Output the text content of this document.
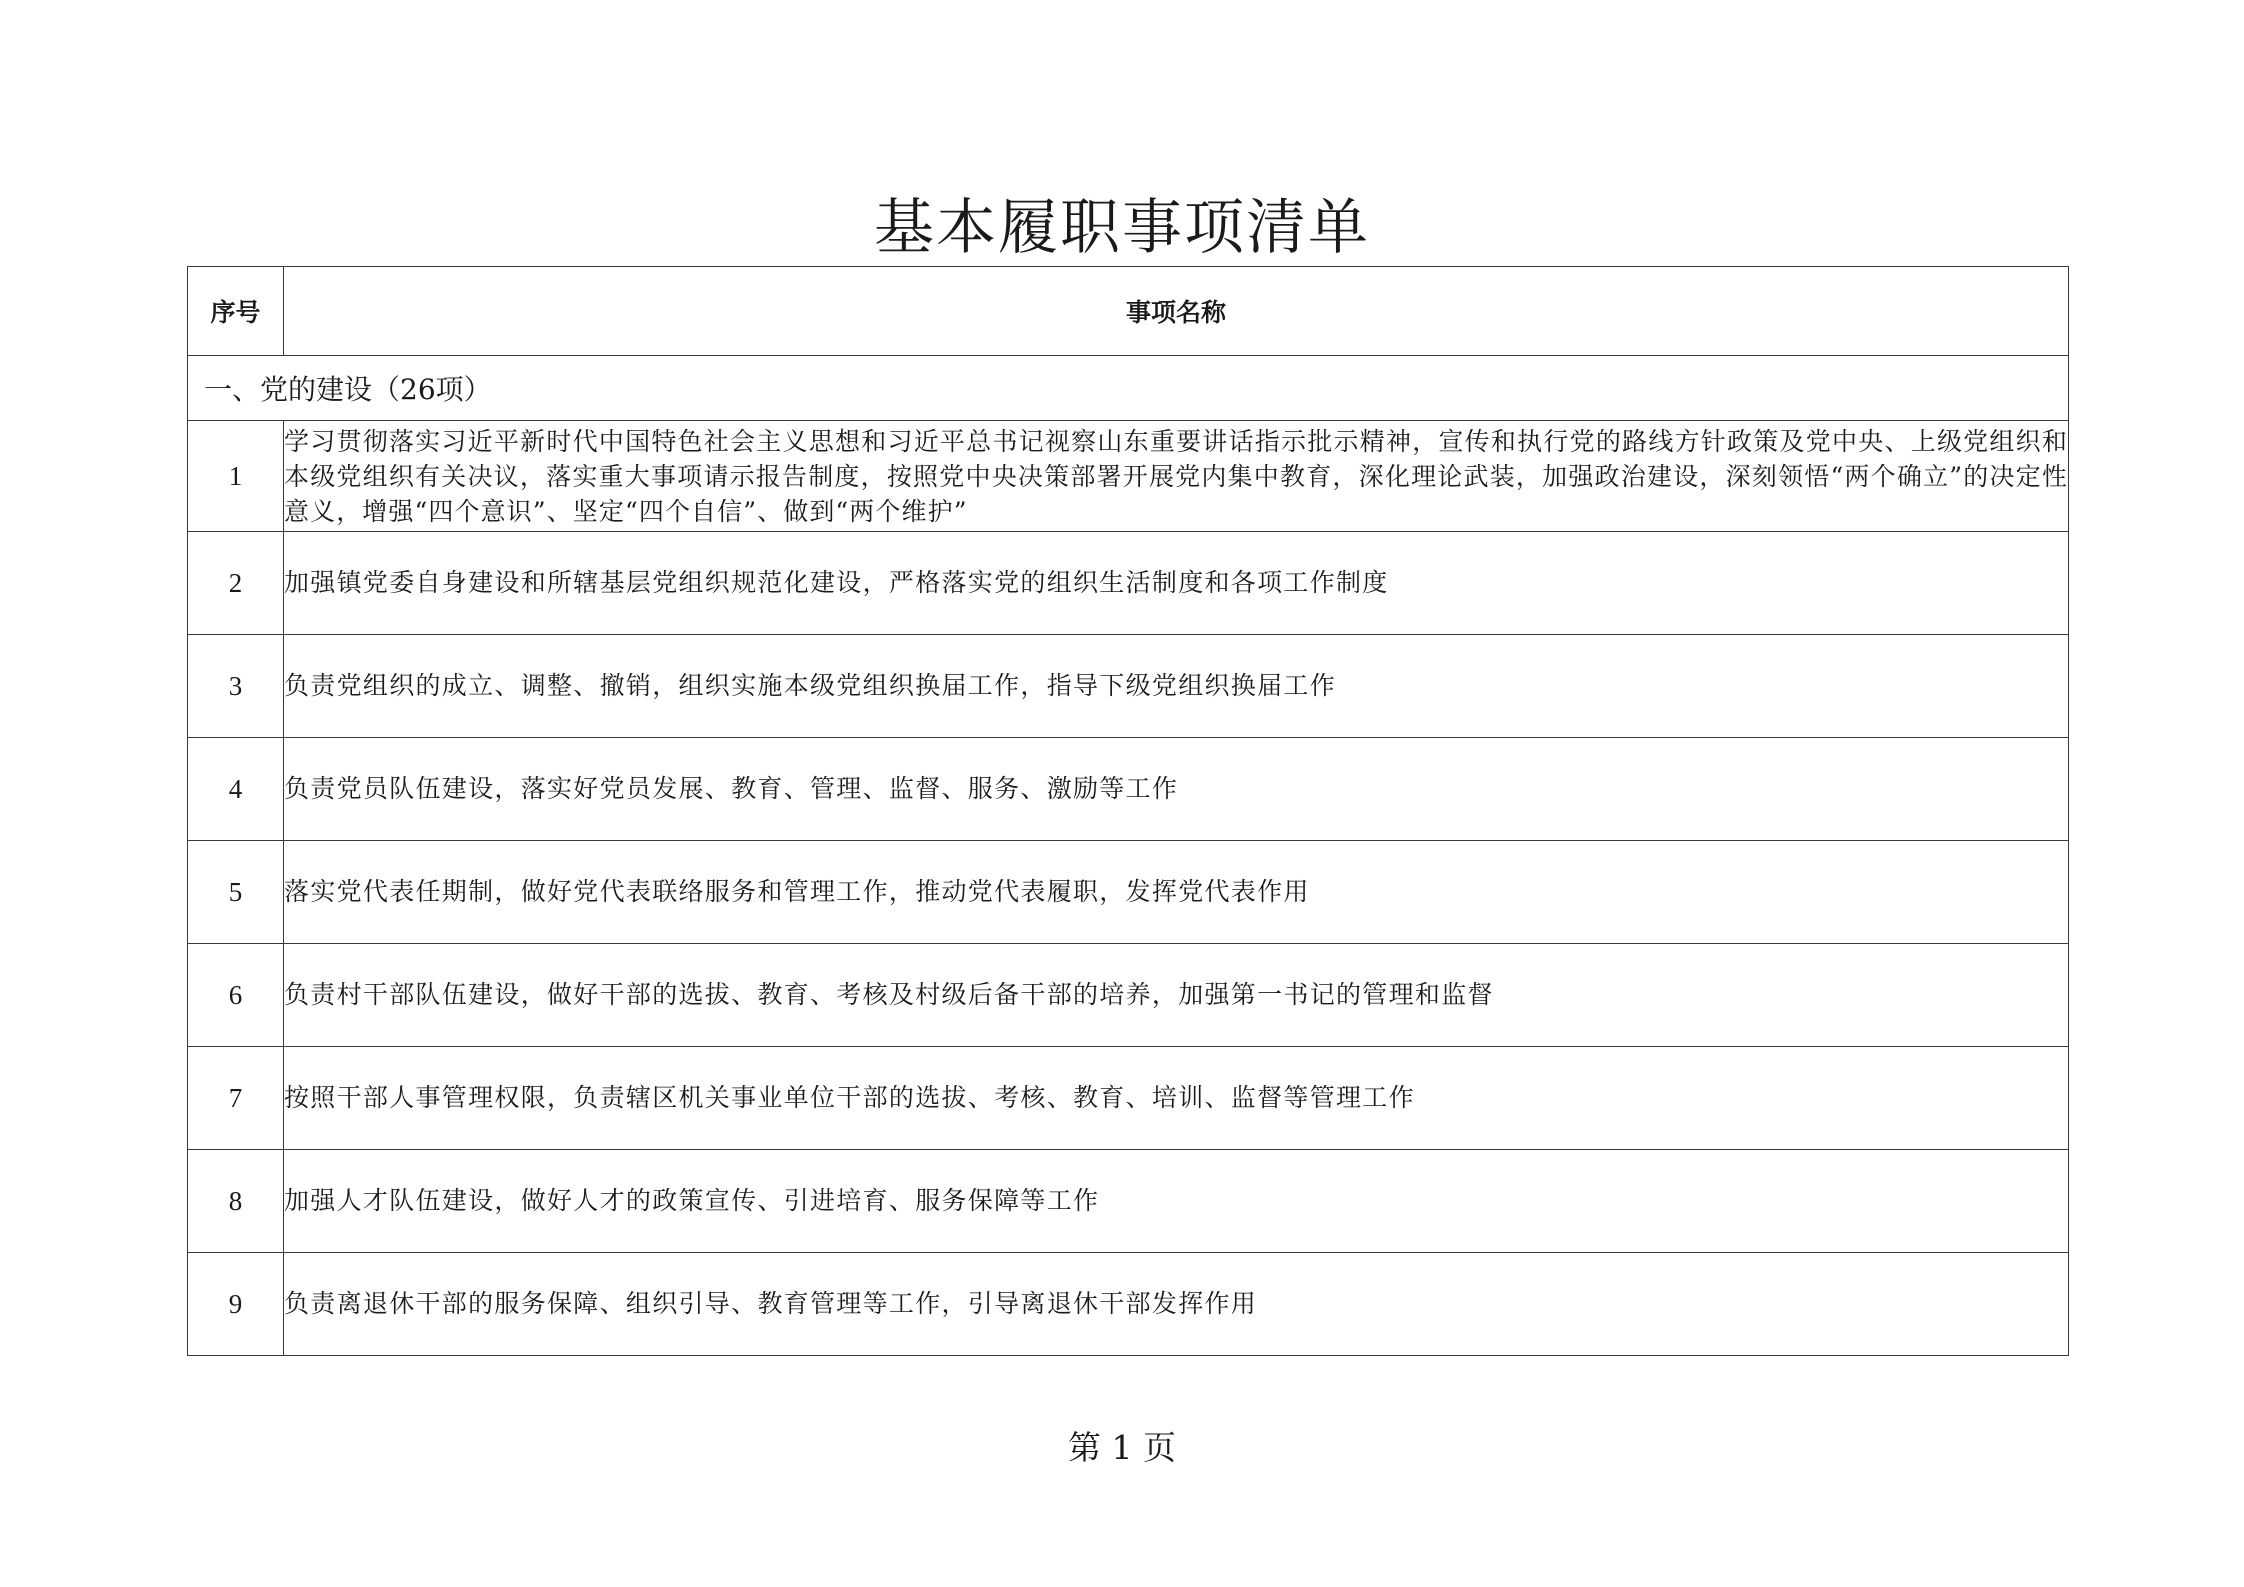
基本履职事项清单
序号	事项名称
一、党的建设（26项）	
1	学习贯彻落实习近平新时代中国特色社会主义思想和习近平总书记视察山东重要讲话指示批示精神，宣传和执行党的路线方针政策及党中央、上级党组织和本级党组织有关决议，落实重大事项请示报告制度，按照党中央决策部署开展党内集中教育，深化理论武装，加强政治建设，深刻领悟“两个确立”的决定性意义，增强“四个意识”、坚定“四个自信”、做到“两个维护”
2	加强镇党委自身建设和所辖基层党组织规范化建设，严格落实党的组织生活制度和各项工作制度
3	负责党组织的成立、调整、撤销，组织实施本级党组织换届工作，指导下级党组织换届工作
4	负责党员队伍建设，落实好党员发展、教育、管理、监督、服务、激励等工作
5	落实党代表任期制，做好党代表联络服务和管理工作，推动党代表履职，发挥党代表作用
6	负责村干部队伍建设，做好干部的选拔、教育、考核及村级后备干部的培养，加强第一书记的管理和监督
7	按照干部人事管理权限，负责辖区机关事业单位干部的选拔、考核、教育、培训、监督等管理工作
8	加强人才队伍建设，做好人才的政策宣传、引进培育、服务保障等工作
9	负责离退休干部的服务保障、组织引导、教育管理等工作，引导离退休干部发挥作用
第 1 页
